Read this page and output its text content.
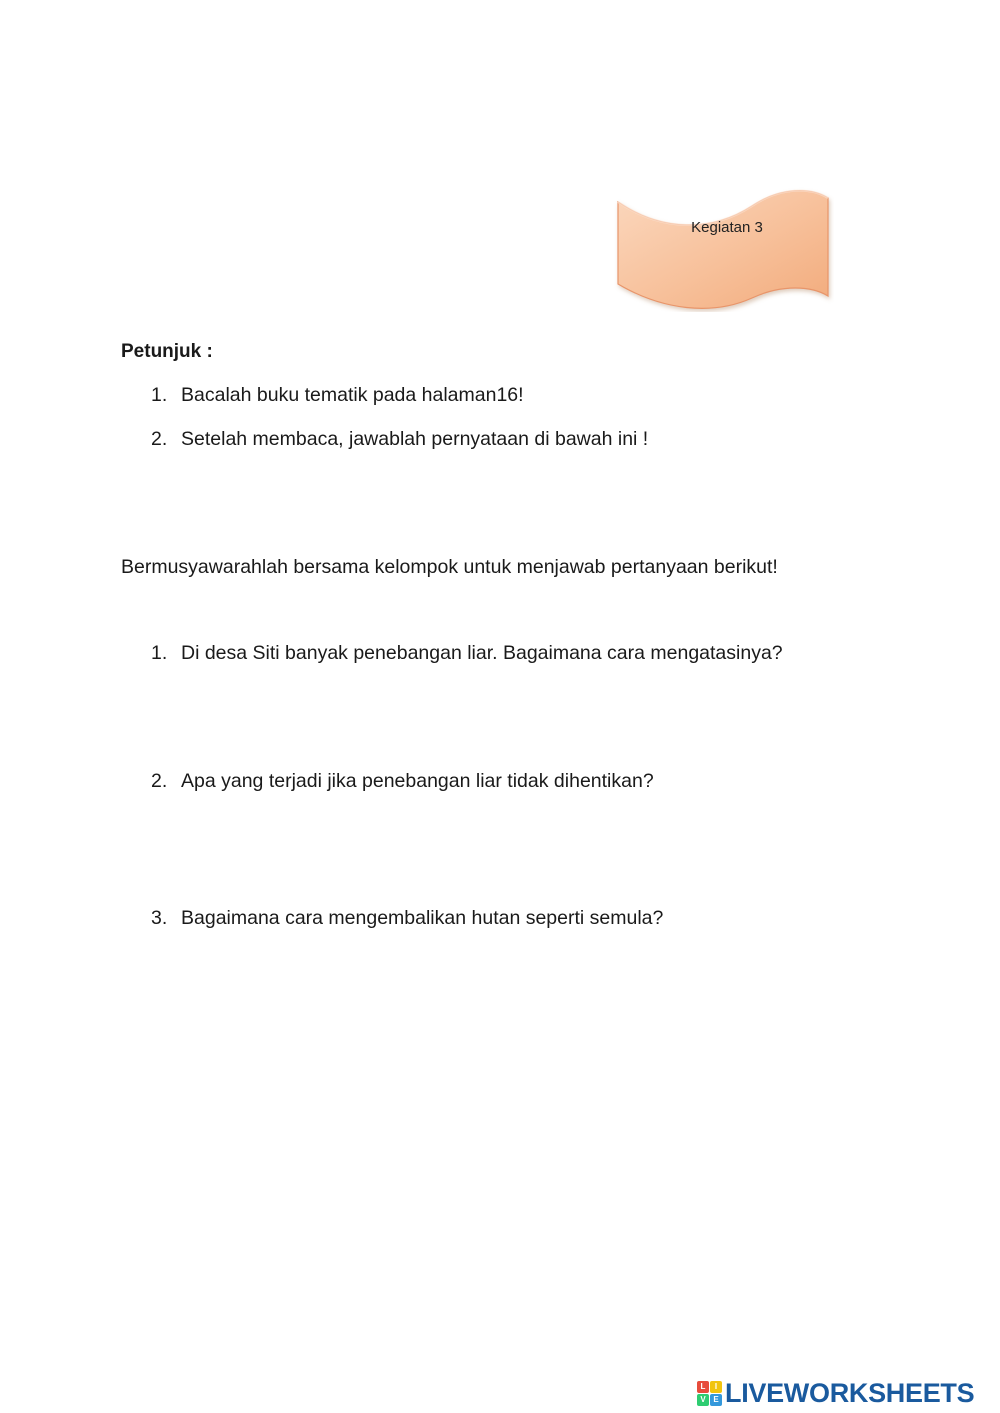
Kegiatan 3
Petunjuk :
1. Bacalah buku tematik pada halaman16!
2. Setelah membaca, jawablah pernyataan di bawah ini !
Bermusyawarahlah bersama kelompok untuk menjawab pertanyaan berikut!
1. Di desa Siti banyak penebangan liar. Bagaimana cara mengatasinya?
2. Apa yang terjadi jika penebangan liar tidak dihentikan?
3. Bagaimana cara mengembalikan hutan seperti semula?
L	I
V E LIVEWORKSHEETS
